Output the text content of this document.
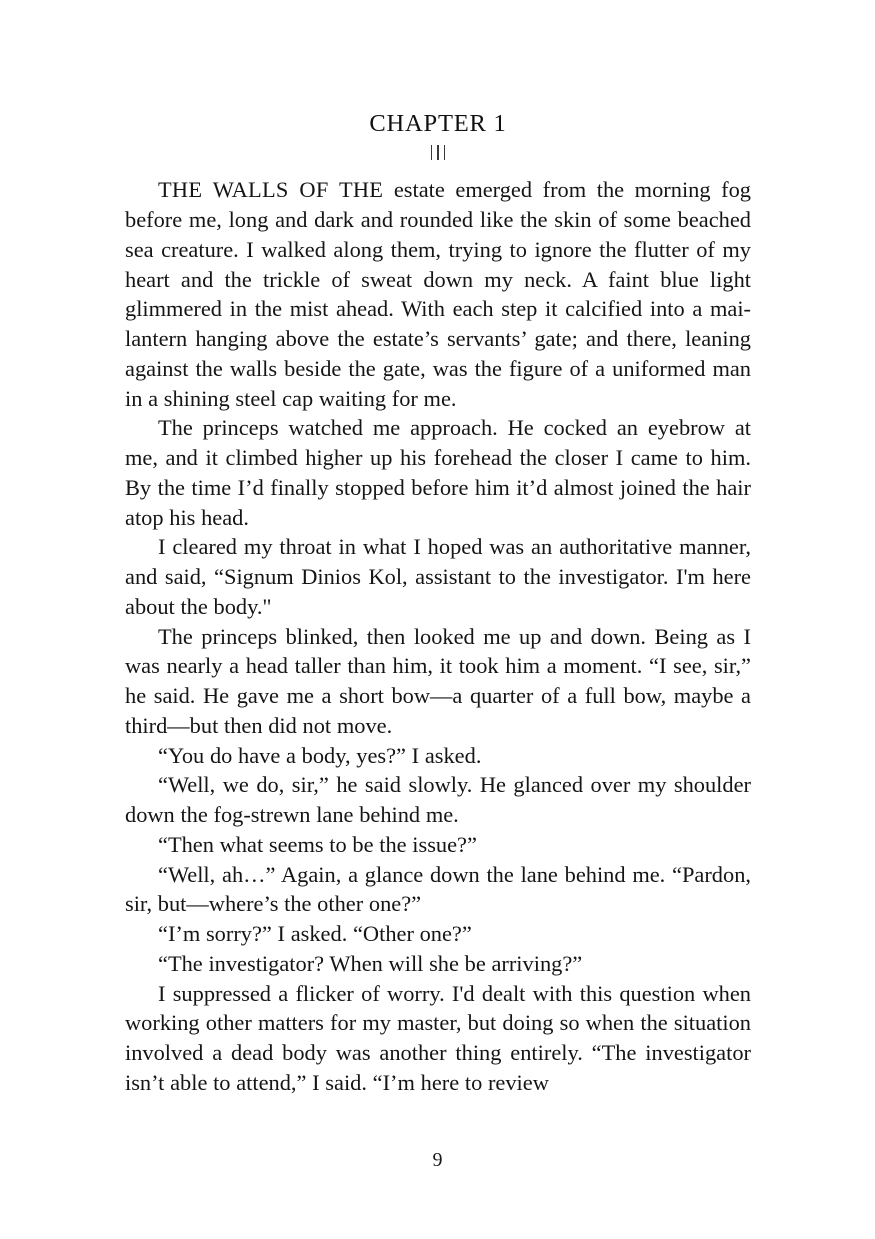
CHAPTER 1

THE WALLS OF THE estate emerged from the morning fog before me, long and dark and rounded like the skin of some beached sea creature. I walked along them, trying to ignore the flutter of my heart and the trickle of sweat down my neck. A faint blue light glimmered in the mist ahead. With each step it calcified into a mai-lantern hanging above the estate’s servants’ gate; and there, leaning against the walls beside the gate, was the figure of a uniformed man in a shining steel cap waiting for me.

The princeps watched me approach. He cocked an eyebrow at me, and it climbed higher up his forehead the closer I came to him. By the time I’d finally stopped before him it’d almost joined the hair atop his head.

I cleared my throat in what I hoped was an authoritative manner, and said, “Signum Dinios Kol, assistant to the investigator. I'm here about the body."

The princeps blinked, then looked me up and down. Being as I was nearly a head taller than him, it took him a moment. “I see, sir,” he said. He gave me a short bow—a quarter of a full bow, maybe a third—but then did not move.

“You do have a body, yes?” I asked.

“Well, we do, sir,” he said slowly. He glanced over my shoulder down the fog-strewn lane behind me.

“Then what seems to be the issue?”

“Well, ah…” Again, a glance down the lane behind me. “Pardon, sir, but—where’s the other one?”

“I’m sorry?” I asked. “Other one?”

“The investigator? When will she be arriving?”

I suppressed a flicker of worry. I'd dealt with this question when working other matters for my master, but doing so when the situation involved a dead body was another thing entirely. “The investigator isn’t able to attend,” I said. “I’m here to review

9
